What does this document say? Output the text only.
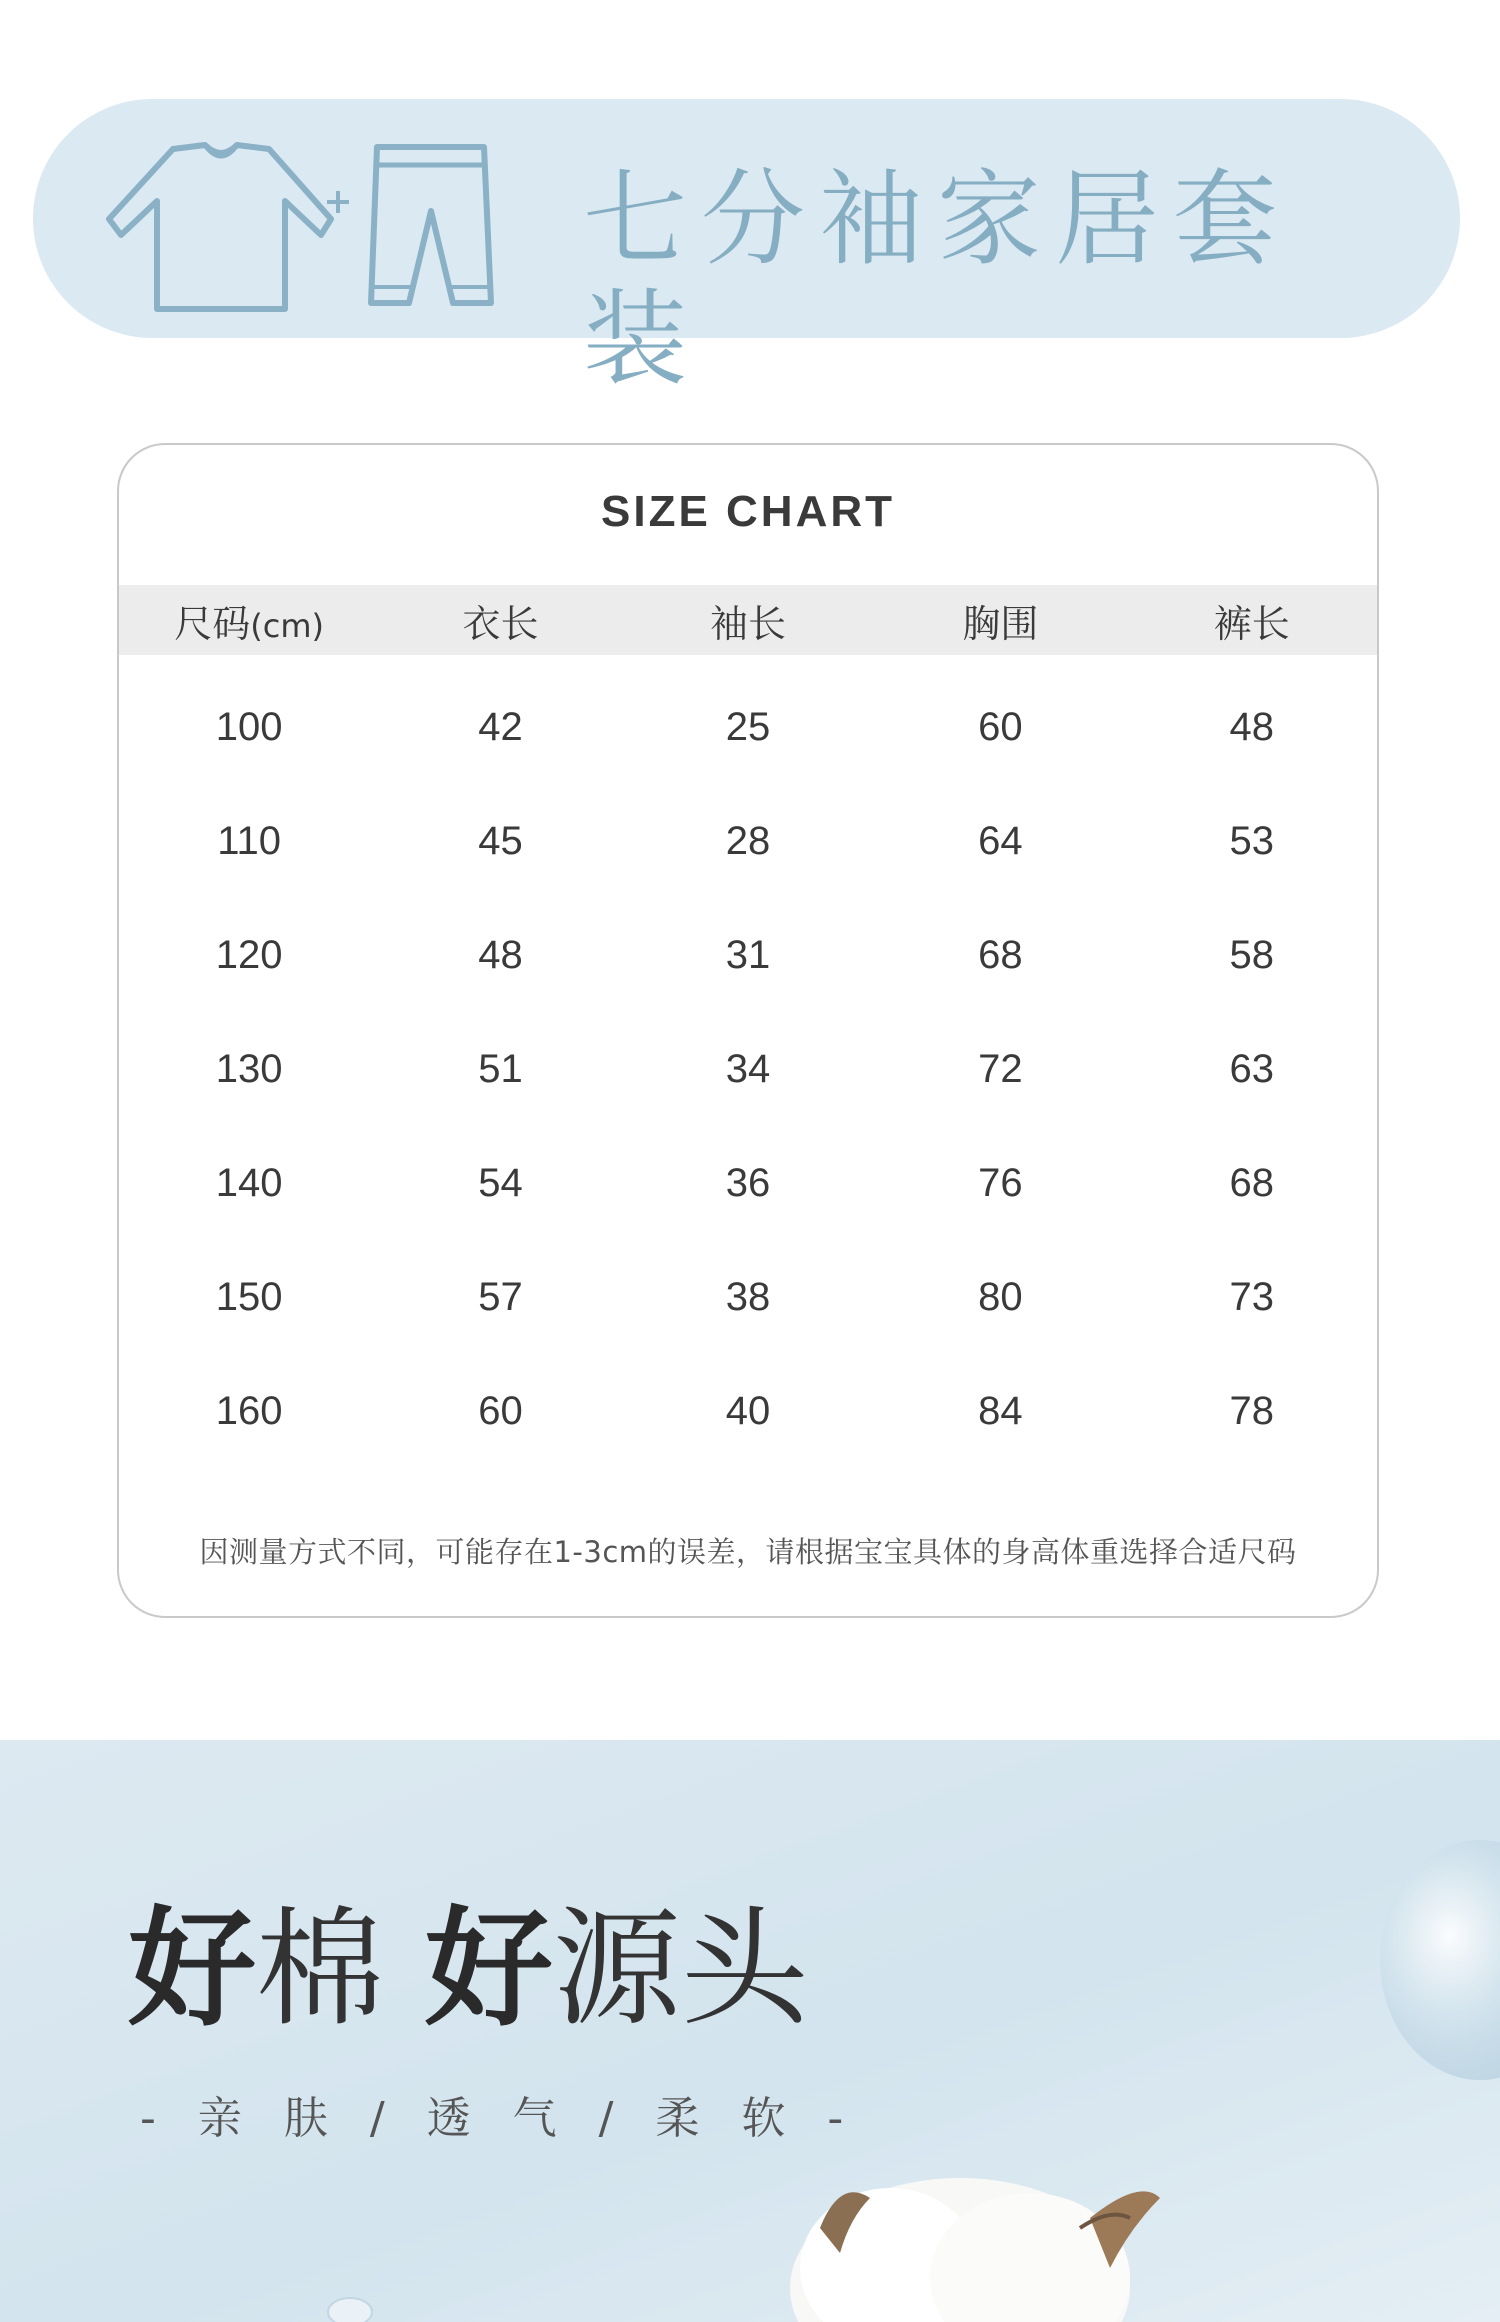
七分袖家居套装
SIZE CHART
尺码(cm)	衣长	袖长	胸围	裤长
100	42	25	60	48
110	45	28	64	53
120	48	31	68	58
130	51	34	72	63
140	54	36	76	68
150	57	38	80	73
160	60	40	84	78
因测量方式不同，可能存在1-3cm的误差，请根据宝宝具体的身高体重选择合适尺码
好棉 好源头
- 亲 肤 / 透 气 / 柔 软 -
